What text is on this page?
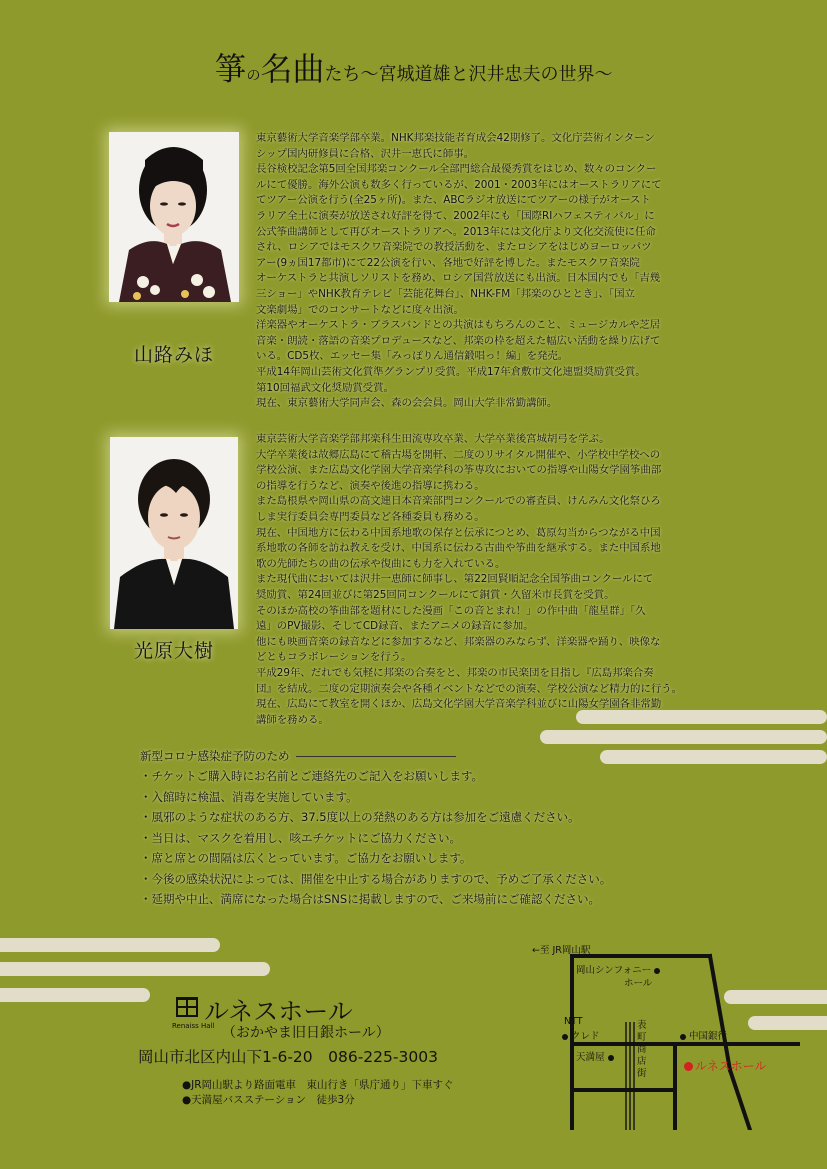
箏の名曲たち〜宮城道雄と沢井忠夫の世界〜
山路みほ
東京藝術大学音楽学部卒業。NHK邦楽技能者育成会42期修了。文化庁芸術インターン
シップ国内研修員に合格、沢井一恵氏に師事。
長谷検校記念第5回全国邦楽コンクール全部門総合最優秀賞をはじめ、数々のコンクー
ルにて優勝。海外公演も数多く行っているが、2001・2003年にはオーストラリアにて
てツアー公演を行う(全25ヶ所)。また、ABCラジオ放送にてツアーの様子がオースト
ラリア全土に演奏が放送され好評を得て、2002年にも「国際RIハフェスティバル」に
公式筝曲講師として再びオーストラリアへ。2013年には文化庁より文化交流使に任命
され、ロシアではモスクワ音楽院での教授活動を、またロシアをはじめヨーロッパツ
アー(9ヵ国17都市)にて22公演を行い、各地で好評を博した。またモスクワ音楽院
オーケストラと共演しソリストを務め、ロシア国営放送にも出演。日本国内でも「吉幾
三ショー」やNHK教育テレビ「芸能花舞台」、NHK-FM「邦楽のひととき」、「国立
文楽劇場」でのコンサートなどに度々出演。
洋楽器やオーケストラ・ブラスバンドとの共演はもちろんのこと、ミュージカルや芝居
音楽・朗読・落語の音楽プロデュースなど、邦楽の枠を超えた幅広い活動を繰り広げて
いる。CD5枚、エッセー集「みっぽりん通信鍛唱っ！編」を発売。
平成14年岡山芸術文化賞準グランプリ受賞。平成17年倉敷市文化連盟奨励賞受賞。
第10回福武文化奨励賞受賞。
現在、東京藝術大学同声会、森の会会員。岡山大学非常勤講師。
光原大樹
東京芸術大学音楽学部邦楽科生田流専攻卒業、大学卒業後宮城胡弓を学ぶ。
大学卒業後は故郷広島にて稽古場を開軒、二度のリサイタル開催や、小学校中学校への
学校公演、また広島文化学園大学音楽学科の筝専攻においての指導や山陽女学園筝曲部
の指導を行うなど、演奏や後進の指導に携わる。
また島根県や岡山県の高文連日本音楽部門コンクールでの審査員、けんみん文化祭ひろ
しま実行委員会専門委員など各種委員も務める。
現在、中国地方に伝わる中国系地歌の保存と伝承につとめ、葛原勾当からつながる中国
系地歌の各師を訪ね教えを受け、中国系に伝わる古曲や筝曲を継承する。また中国系地
歌の先師たちの曲の伝承や復曲にも力を入れている。
また現代曲においては沢井一恵師に師事し、第22回賢順記念全国筝曲コンクールにて
奨励賞、第24回並びに第25回同コンクールにて銅賞・久留米市長賞を受賞。
そのほか高校の筝曲部を題材にした漫画「この音とまれ！」の作中曲「龍星群」「久
遠」のPV撮影、そしてCD録音、またアニメの録音に参加。
他にも映画音楽の録音などに参加するなど、邦楽器のみならず、洋楽器や踊り、映像な
どともコラボレーションを行う。
平成29年、だれでも気軽に邦楽の合奏をと、邦楽の市民楽団を目指し『広島邦楽合奏
団』を結成。二度の定期演奏会や各種イベントなどでの演奏、学校公演など精力的に行う。
現在、広島にて教室を開くほか、広島文化学園大学音楽学科並びに山陽女学園各非常勤
講師を務める。
新型コロナ感染症予防のため
・チケットご購入時にお名前とご連絡先のご記入をお願いします。
・入館時に検温、消毒を実施しています。
・風邪のような症状のある方、37.5度以上の発熱のある方は参加をご遠慮ください。
・当日は、マスクを着用し、咳エチケットにご協力ください。
・席と席との間隔は広くとっています。ご協力をお願いします。
・今後の感染状況によっては、開催を中止する場合がありますので、予めご了承ください。
・延期や中止、満席になった場合はSNSに掲載しますので、ご来場前にご確認ください。
Renaiss Hall
ルネスホール
（おかやま旧日銀ホール）
岡山市北区内山下1-6-20　086-225-3003
●JR岡山駅より路面電車　東山行き「県庁通り」下車すぐ
●天満屋バスステーション　徒歩3分
←至 JR岡山駅
岡山シンフォニー
ホール
NTT
クレド
天満屋
表町商店街
中国銀行
ルネスホール
